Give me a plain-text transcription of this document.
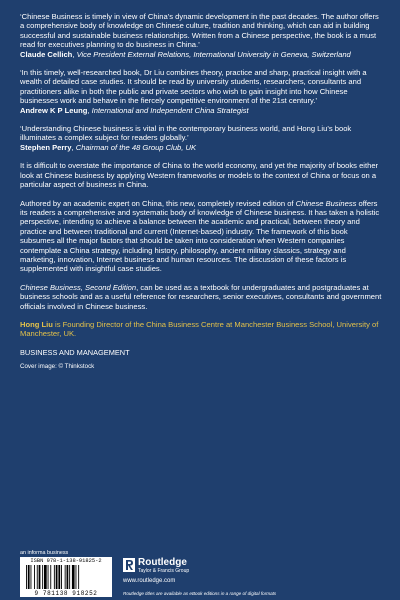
‘Chinese Business is timely in view of China’s dynamic development in the past decades. The author offers a comprehensive body of knowledge on Chinese culture, tradition and thinking, which can aid in building successful and sustainable business relationships. Written from a Chinese perspective, the book is a must read for executives planning to do business in China.’
Claude Cellich, Vice President External Relations, International University in Geneva, Switzerland
‘In this timely, well-researched book, Dr Liu combines theory, practice and sharp, practical insight with a wealth of detailed case studies. It should be read by university students, researchers, consultants and practitioners alike in both the public and private sectors who wish to gain insight into how Chinese businesses work and behave in the fiercely competitive environment of the 21st century.’
Andrew K P Leung, International and Independent China Strategist
‘Understanding Chinese business is vital in the contemporary business world, and Hong Liu’s book illuminates a complex subject for readers globally.’
Stephen Perry, Chairman of the 48 Group Club, UK

It is difficult to overstate the importance of China to the world economy, and yet the majority of books either look at Chinese business by applying Western frameworks or models to the context of China or focus on a particular aspect of business in China.

Authored by an academic expert on China, this new, completely revised edition of Chinese Business offers its readers a comprehensive and systematic body of knowledge of Chinese business. It has taken a holistic perspective, intending to achieve a balance between the academic and practical, between theory and practice and between traditional and current (Internet-based) industry. The framework of this book subsumes all the major factors that should be taken into consideration when Western companies contemplate a China strategy, including history, philosophy, ancient military classics, strategy and marketing, innovation, Internet business and human resources. The discussion of these factors is supplemented with insightful case studies.

Chinese Business, Second Edition, can be used as a textbook for undergraduates and postgraduates at business schools and as a useful reference for researchers, senior executives, consultants and government officials involved in Chinese business.

Hong Liu is Founding Director of the China Business Centre at Manchester Business School, University of Manchester, UK.

BUSINESS AND MANAGEMENT
Cover image: © Thinkstock
an informa business
ISBN 978-1-138-91825-2
9 781138 918252
Routledge
Taylor & Francis Group
www.routledge.com
Routledge titles are available as eBook editions in a range of digital formats
